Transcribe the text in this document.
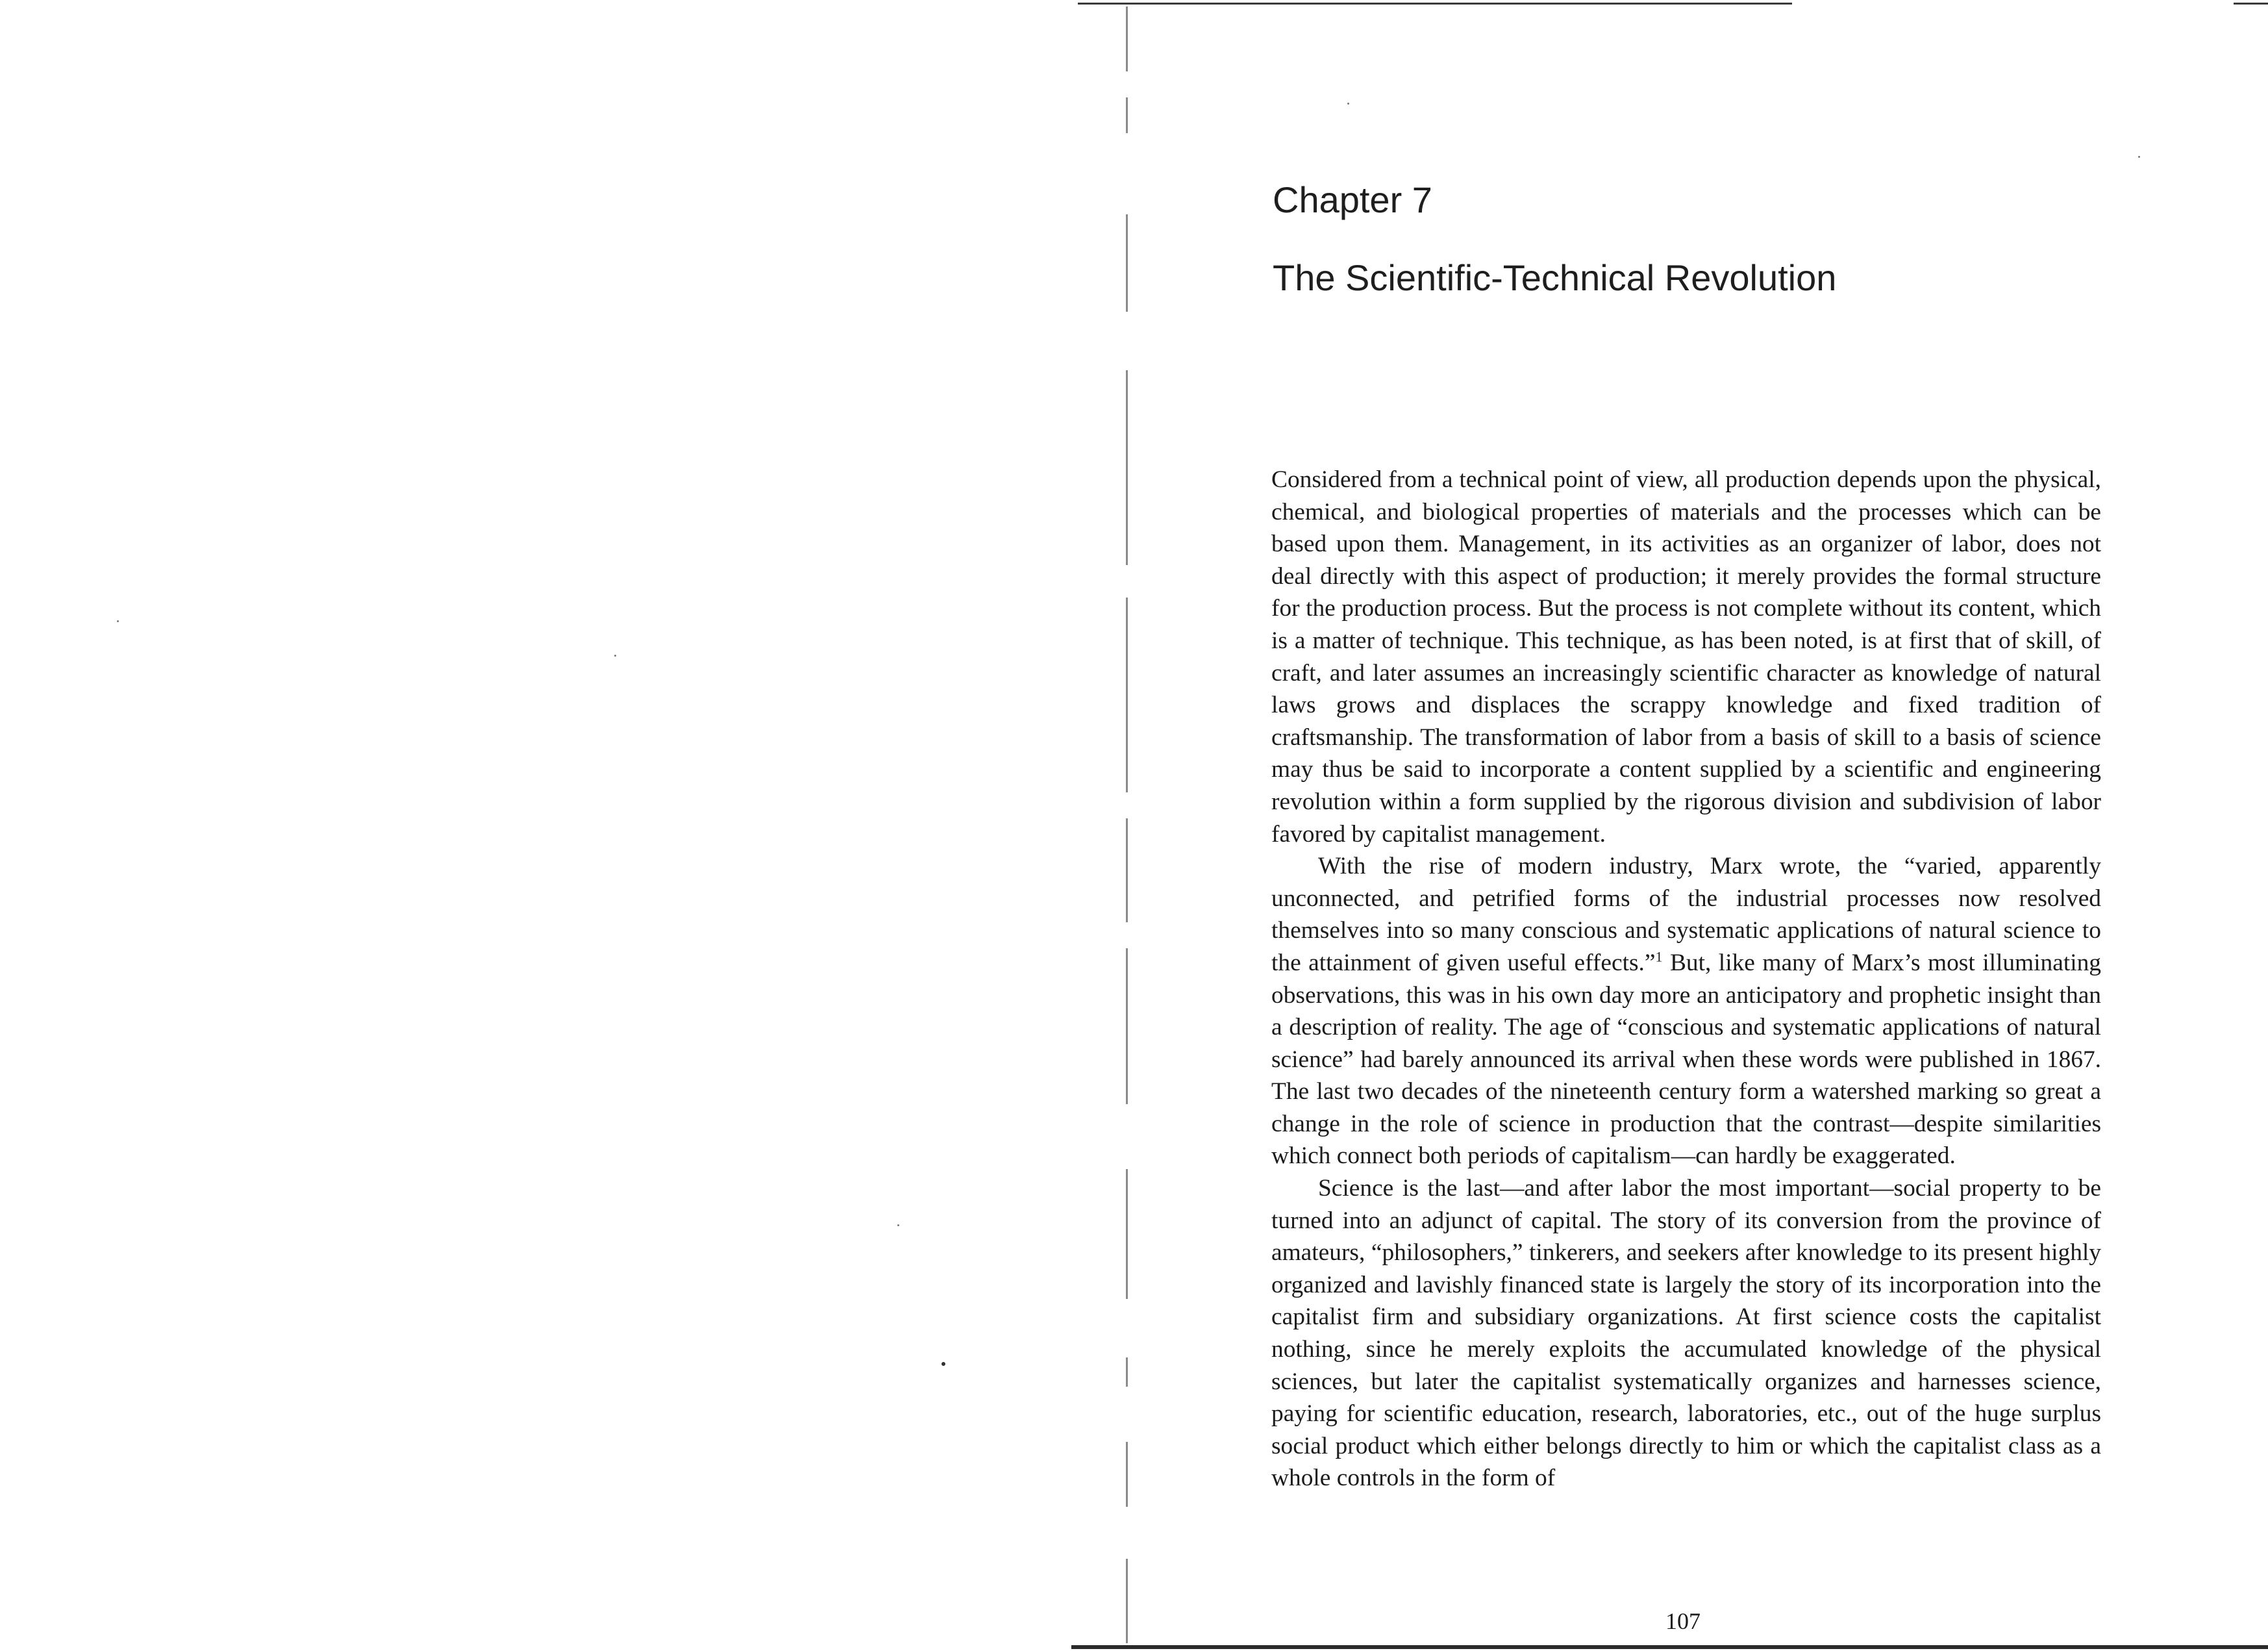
Chapter 7
The Scientific-Technical Revolution

Considered from a technical point of view, all production depends upon the physical, chemical, and biological properties of materials and the processes which can be based upon them. Management, in its activities as an organizer of labor, does not deal directly with this aspect of production; it merely provides the formal structure for the production process. But the process is not complete without its content, which is a matter of technique. This technique, as has been noted, is at first that of skill, of craft, and later assumes an increasingly scientific character as knowledge of natural laws grows and displaces the scrappy knowledge and fixed tradition of craftsmanship. The transformation of labor from a basis of skill to a basis of science may thus be said to incorporate a content supplied by a scientific and engineering revolution within a form supplied by the rigorous division and subdivision of labor favored by capitalist management.

With the rise of modern industry, Marx wrote, the “varied, apparently unconnected, and petrified forms of the industrial processes now resolved themselves into so many conscious and systematic applications of natural science to the attainment of given useful effects.”$^1$ But, like many of Marx’s most illuminating observations, this was in his own day more an anticipatory and prophetic insight than a description of reality. The age of “conscious and systematic applications of natural science” had barely announced its arrival when these words were published in 1867. The last two decades of the nineteenth century form a watershed marking so great a change in the role of science in production that the contrast—despite similarities which connect both periods of capitalism—can hardly be exaggerated.

Science is the last—and after labor the most important—social property to be turned into an adjunct of capital. The story of its conversion from the province of amateurs, “philosophers,” tinkerers, and seekers after knowledge to its present highly organized and lavishly financed state is largely the story of its incorporation into the capitalist firm and subsidiary organizations. At first science costs the capitalist nothing, since he merely exploits the accumulated knowledge of the physical sciences, but later the capitalist systematically organizes and harnesses science, paying for scientific education, research, laboratories, etc., out of the huge surplus social product which either belongs directly to him or which the capitalist class as a whole controls in the form of

107
